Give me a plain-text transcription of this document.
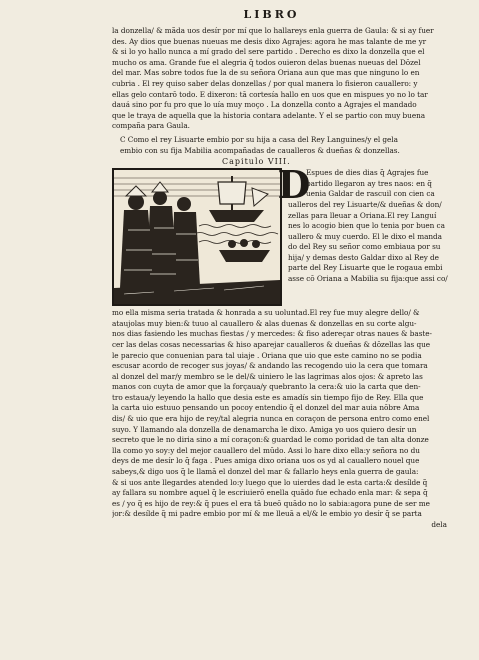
LIBRO
la donzella/ & mãda uos desír por mí que lo hallareys enla guerra de Gaula: & si ay fuer
des. Ay dios que buenas nueuas me desis dixo Agrajes: agora he mas talante de me yr
& si lo yo hallo nunca a mí grado del sere partido . Derecho es dixo la donzella que el
mucho os ama. Grande fue el alegria q̃ todos ouieron delas buenas nueuas del Dōzel
del mar. Mas sobre todos fue la de su señora Oriana aun que mas que ninguno lo en
cubria . El rey quiso saber delas donzellas / por qual manera lo fisieron cauallero: y
ellas gelo contarō todo. E dixeron: tā cortesía hallo en uos que en mispues yo no lo tar
dauá sino por fu pro que lo uía muy moço . La donzella conto a Agrajes el mandado
que le traya de aquella que la historia contara adelante. Y el se partio con muy buena
compaña para Gaula.
C Como el rey Lisuarte embio por su hija a casa del Rey Languines/y el gela
embio con su fija Mabilia acompañadas de caualleros & dueñas & donzellas.
Capitulo VIII.
D
Espues de dies dias q̃ Agrajes fue
partido llegaron ay tres naos: en q̃
uenia Galdar de rascuil con cien ca
ualleros del rey Lisuarte/& dueñas & don/
zellas para lleuar a Oriana.El rey Languí
nes lo acogio bien que lo tenia por buen ca
uallero & muy cuerdo. El le dixo el manda
do del Rey su señor como embiaua por su
hija/ y demas desto Galdar dixo al Rey de
parte del Rey Lisuarte que le rogaua embi
asse cō Oriana a Mabilia su fija:que assi co/
mo ella misma seria tratada & honrada a su uoluntad.El rey fue muy alegre dello/ &
ataujolas muy bien:& tuuo al cauallero & alas duenas & donzellas en su corte algu-
nos dias fasiendo les muchas fiestas / y mercedes: & fiso adereçar otras naues & baste-
cer las delas cosas necessarias & hiso aparejar caualleros & dueñas & dōzellas las que
le parecio que conuenian para tal uiaje . Oriana que uio que este camino no se podia
escusar acordo de recoger sus joyas/ & andando las recogendo uio la cera que tomara
al donzel del mar/y membro se le del/& uiniero le las lagrimas alos ojos: & apreto las
manos con cuyta de amor que la forçaua/y quebranto la cera:& uio la carta que den-
tro estaua/y leyendo la hallo que desia este es amadís sin tiempo fijo de Rey. Ella que
la carta uio estuuo pensando un pocoy entendio q̃ el donzel del mar auia nōbre Ama
dis/ & uio que era hijo de rey/tal alegria nunca en coraçon de persona entro como enel
suyo. Y llamando ala donzella de denamarcha le dixo. Amiga yo uos quiero desír un
secreto que le no diria sino a mí coraçon:& guardad le como poridad de tan alta donze
lla como yo soy:y del mejor cauallero del mūdo. Assi lo hare dixo ella:y señora no du
deys de me desír lo q̃ faga . Pues amiga dixo oriana uos os yd al cauallero nouel que
sabeys,& digo uos q̃ le llamā el donzel del mar & fallarlo heys enla guerra de gaula:
& si uos ante llegardes atended lo:y luego que lo uierdes dad le esta carta:& desílde q̃
ay fallara su nombre aquel q̃ le escriuierō enella quādo fue echado enla mar: & sepa q̃
es / yo q̃ es hijo de rey:& q̃ pues el era tā bueō quādo no lo sabia:agora pune de ser me
jor:& desílde q̃ mi padre embio por mí & me lleuā a el/& le embio yo desír q̃ se parta
dela
